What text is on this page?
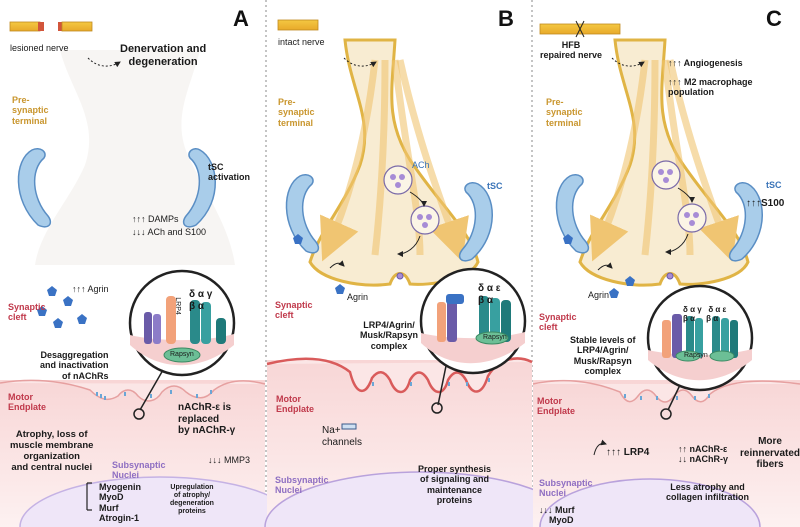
A
lesioned nerve	Denervation and
degeneration
Pre-
synaptic
terminal
tSC
activation
↑↑↑ DAMPs
↓↓↓ ACh and S100
↑↑↑ Agrin
Synaptic
cleft
Desaggregation
and inactivation
of nAChRs
Rapsyn
LRP4
δ α γ
β α
nAChR-ε is
replaced
by nAChR-γ
Motor
Endplate
Atrophy, loss of
muscle membrane
organization
and central nuclei Subsynaptic
Nuclei
↓↓↓ MMP3
Myogenin
MyoD
Murf
Atrogin-1
Upregulation
of atrophy/
degeneration
proteins
B
intact nerve
Pre-
synaptic
terminal
ACh
tSC
Agrin
Synaptic
cleft
LRP4/Agrin/
Musk/Rapsyn
complex
Rapsyn
δ α ε
β α
Motor
Endplate
Na+
channels
Subsynaptic
Nuclei
Proper synthesis
of signaling and
maintenance
proteins
C
HFB
repaired nerve
↑↑↑ Angiogenesis
↑↑↑ M2 macrophage
population
Pre-
synaptic
terminal
tSC
↑↑↑S100
Agrin
Synaptic
cleft
Stable levels of
LRP4/Agrin/
Musk/Rapsyn
complex
Rapsyn
δ α γ   δ α ε
β α     β α
Motor
Endplate
↑↑↑ LRP4	↑↑ nAChR-ε
↓↓ nAChR-γ
More
reinnervated
fibers
Less atrophy and
collagen infiltration
Subsynaptic
Nuclei
↓↓↓ Murf
MyoD
